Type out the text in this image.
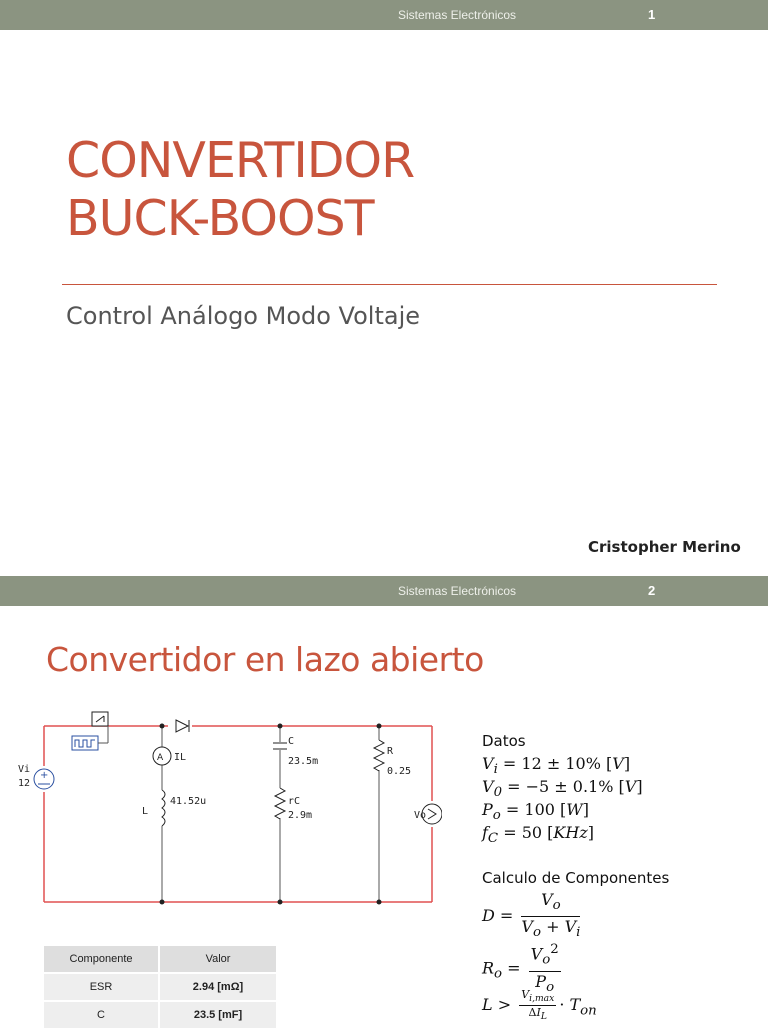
Sistemas Electrónicos	1
CONVERTIDOR
BUCK-BOOST
Control Análogo Modo Voltaje
Cristopher Merino
Sistemas Electrónicos	2
Convertidor en lazo abierto
+
Vi
12
A IL
L
41.52u
C
23.5m
rC
2.9m
R
0.25
Vo
Datos
$V_i = 12 \pm 10\%$ [V]
$V_0 = -5 \pm 0.1\%$ [V]
$P_o = 100$ [W]
$f_C = 50$ [KHz]
Calculo de Componentes
$D = \frac{V_o}{V_o + V_i}$
$R_o = \frac{V_o^2}{P_o}$
$L > \frac{V_{i,max}}{\Delta I_L} \cdot T_{on}$
Componente	Valor
ESR	2.94 [mΩ]
C	23.5 [mF]
